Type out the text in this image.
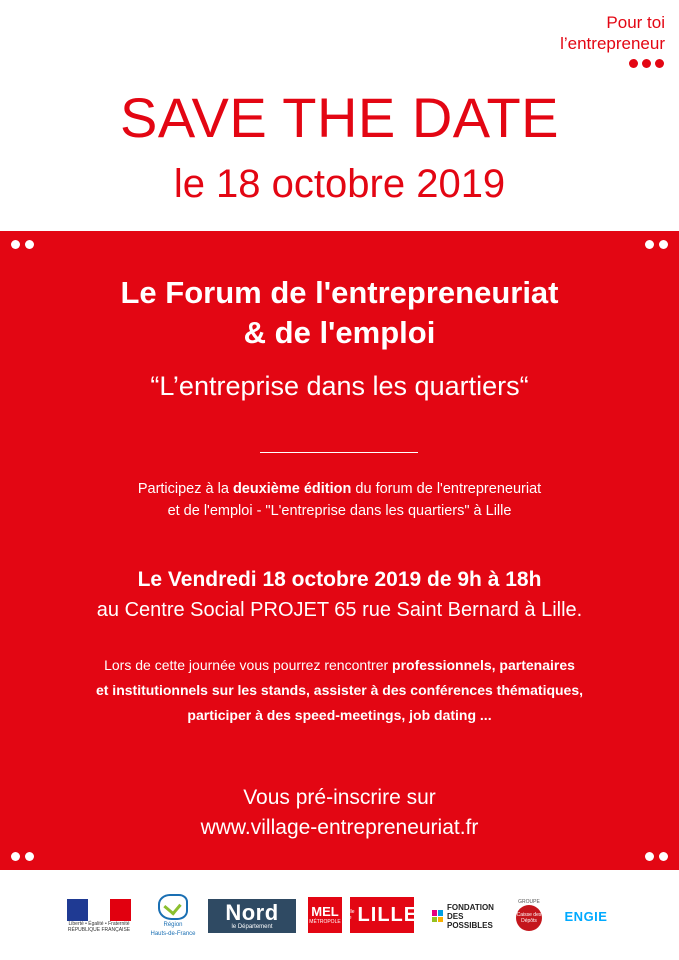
Pour toi
l’entrepreneur
SAVE THE DATE
le 18 octobre 2019
Le Forum de l'entrepreneuriat
& de l'emploi
“L’entreprise dans les quartiers“
Participez à la deuxième édition du forum de l'entrepreneuriat
et de l'emploi - "L'entreprise dans les quartiers" à Lille
Le Vendredi 18 octobre 2019 de 9h à 18h
au Centre Social PROJET 65 rue Saint Bernard à Lille.
Lors de cette journée vous pourrez rencontrer professionnels, partenaires
et institutionnels sur les stands, assister à des conférences thématiques,
participer à des speed-meetings, job dating ...
Vous pré-inscrire sur
www.village-entrepreneuriat.fr
Liberté • Égalité • Fraternité
RÉPUBLIQUE FRANÇAISE
Région
Hauts-de-France
Nord
le Département
MEL
MÉTROPOLE
ville de LILLE	FONDATION
DES POSSIBLES
GROUPE
Caisse des Dépôts	ENGIE
